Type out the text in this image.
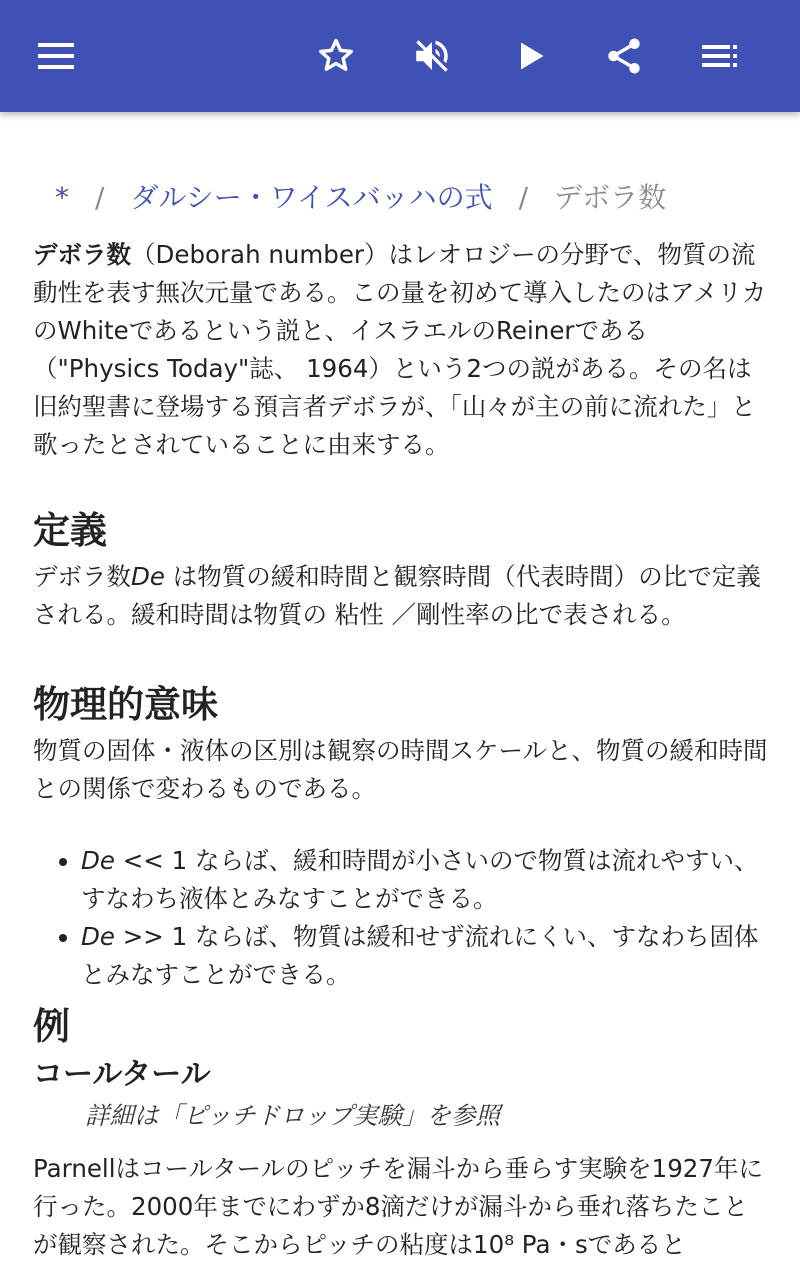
* / ダルシー・ワイスバッハの式 / デボラ数

デボラ数（Deborah number）はレオロジーの分野で、物質の流動性を表す無次元量である。この量を初めて導入したのはアメリカのWhiteであるという説と、イスラエルのReinerである（"Physics Today"誌、 1964）という2つの説がある。その名は旧約聖書に登場する預言者デボラが、「山々が主の前に流れた」と歌ったとされていることに由来する。

定義

デボラ数De は物質の緩和時間と観察時間（代表時間）の比で定義される。緩和時間は物質の 粘性 ／剛性率の比で表される。

物理的意味

物質の固体・液体の区別は観察の時間スケールと、物質の緩和時間との関係で変わるものである。

• De << 1 ならば、緩和時間が小さいので物質は流れやすい、すなわち液体とみなすことができる。
• De >> 1 ならば、物質は緩和せず流れにくい、すなわち固体とみなすことができる。
例
コールタール
詳細は「ピッチドロップ実験」を参照

Parnellはコールタールのピッチを漏斗から垂らす実験を1927年に行った。2000年までにわずか8滴だけが漏斗から垂れ落ちたことが観察された。そこからピッチの粘度は10⁸ Pa・sであると
